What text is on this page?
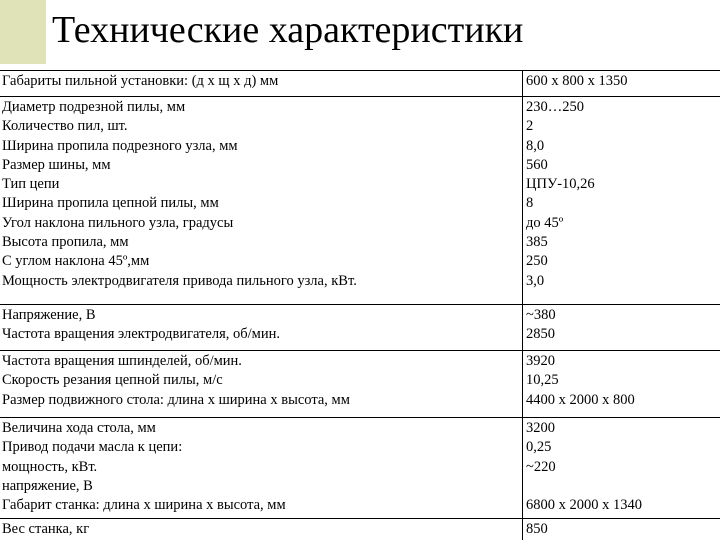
Технические характеристики
Габариты пильной установки: (д х щ х д) мм	600 х 800 х 1350
Диаметр подрезной пилы, мм
Количество пил, шт.
Ширина пропила подрезного узла, мм
Размер шины, мм
Тип цепи
Ширина пропила цепной пилы, мм
Угол наклона пильного узла, градусы
Высота пропила, мм
С углом наклона 45º,мм
Мощность электродвигателя привода пильного узла, кВт.
230…250
2
8,0
560
ЦПУ-10,26
8
до 45º
385
250
3,0
Напряжение, В
Частота вращения электродвигателя, об/мин.
~380
2850
Частота вращения шпинделей, об/мин.
Скорость резания цепной пилы, м/с
Размер подвижного стола: длина х ширина х высота, мм
3920
10,25
4400 х 2000 х 800
Величина хода стола, мм
Привод подачи масла к цепи:
мощность, кВт.
напряжение, В
Габарит станка: длина х ширина х высота, мм
3200
0,25
~220

6800 х 2000 х 1340
Вес станка, кг	850
